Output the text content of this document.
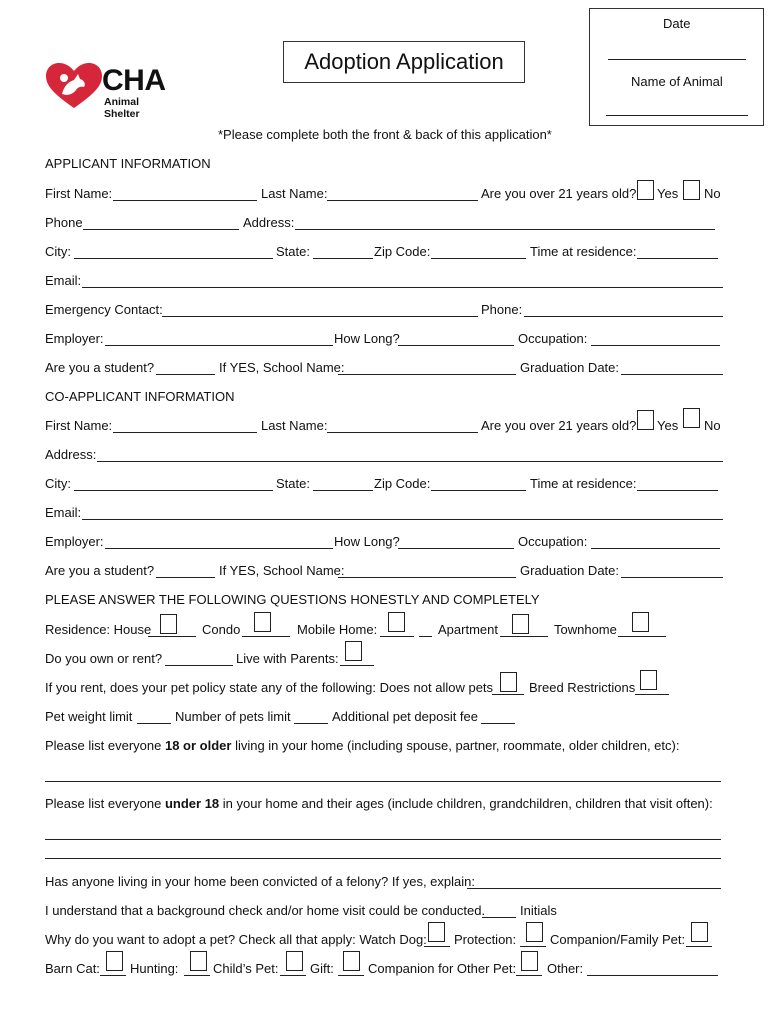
Date
Name of Animal
Adoption Application
CHA
Animal Shelter
*Please complete both the front & back of this application*
APPLICANT INFORMATION
First Name:	Last Name:	Are you over 21 years old? Yes No
Phone	Address:
City:	State:	Zip Code:	Time at residence:
Email:
Emergency Contact:	Phone:
Employer:	How Long?	Occupation:
Are you a student?	If YES, School Name:	Graduation Date:
CO-APPLICANT INFORMATION
First Name:	Last Name:	Are you over 21 years old? Yes No
Address:
City:	State:	Zip Code:	Time at residence:
Email:
Employer:	How Long?	Occupation:
Are you a student?	If YES, School Name:	Graduation Date:
PLEASE ANSWER THE FOLLOWING QUESTIONS HONESTLY AND COMPLETELY
Residence: House	Condo	Mobile Home:	Apartment	Townhome
Do you own or rent?	Live with Parents:
If you rent, does your pet policy state any of the following: Does not allow pets	Breed Restrictions
Pet weight limit	Number of pets limit	Additional pet deposit fee
Please list everyone 18 or older living in your home (including spouse, partner, roommate, older children, etc):
Please list everyone under 18 in your home and their ages (include children, grandchildren, children that visit often):
Has anyone living in your home been convicted of a felony? If yes, explain:
I understand that a background check and/or home visit could be conducted.	Initials
Why do you want to adopt a pet? Check all that apply: Watch Dog: Protection:	Companion/Family Pet:
Barn Cat: Hunting:	Child’s Pet: Gift:	Companion for Other Pet: Other:
